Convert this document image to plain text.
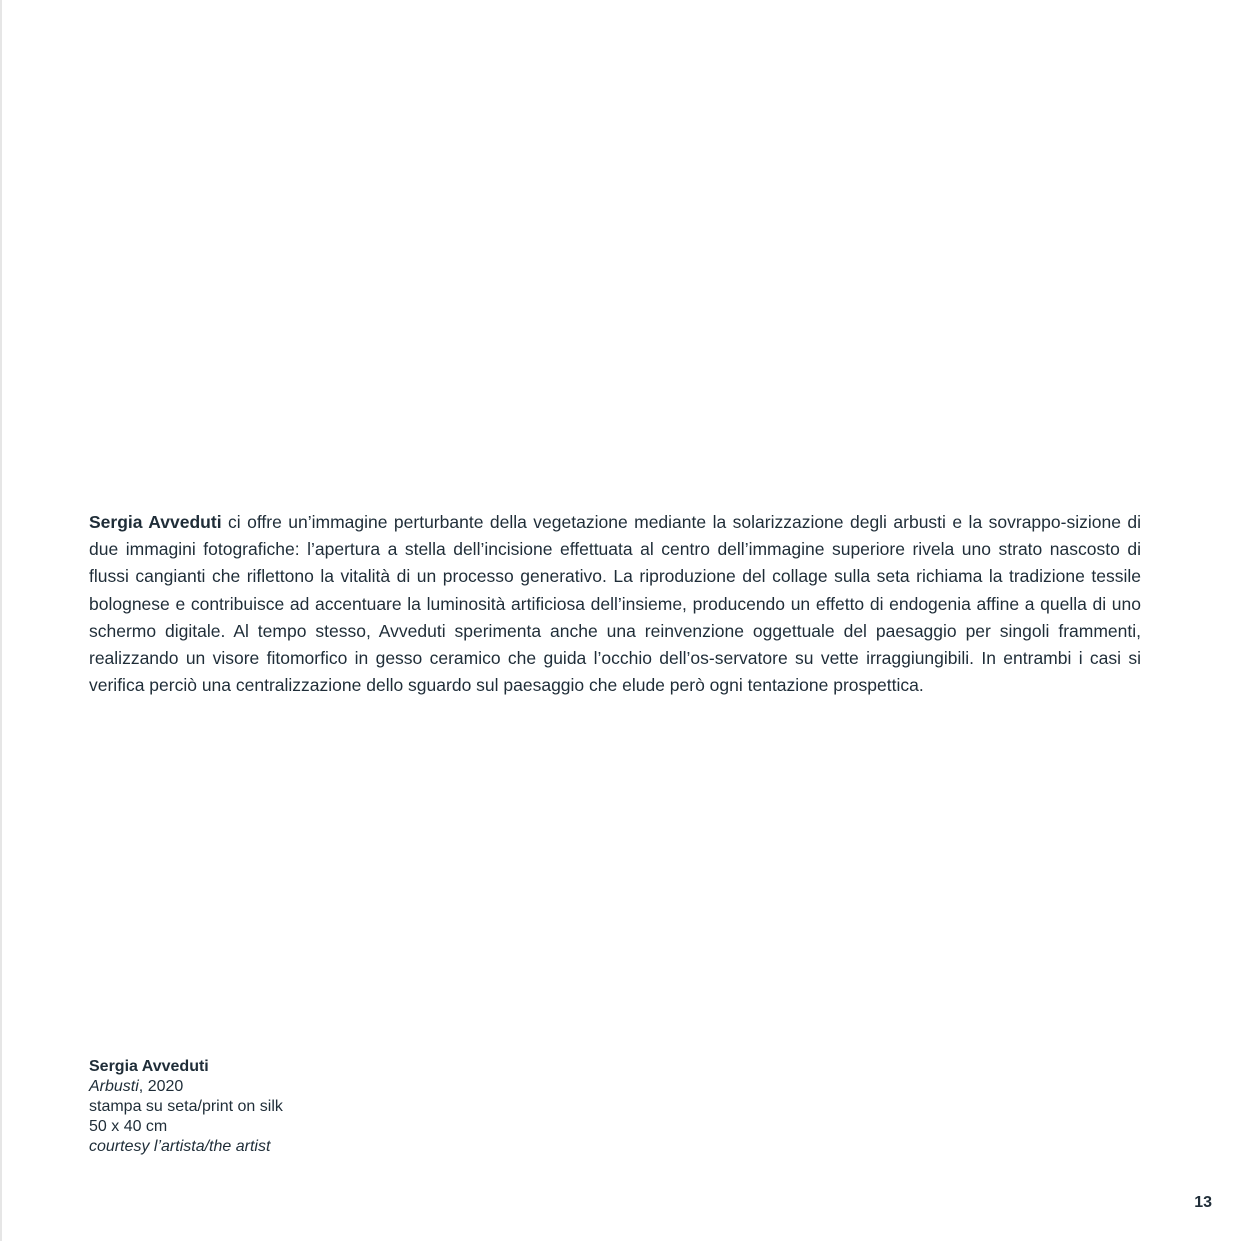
Sergia Avveduti ci offre un’immagine perturbante della vegetazione mediante la solarizzazione degli arbusti e la sovrappo-sizione di due immagini fotografiche: l’apertura a stella dell’incisione effettuata al centro dell’immagine superiore rivela uno strato nascosto di flussi cangianti che riflettono la vitalità di un processo generativo. La riproduzione del collage sulla seta richiama la tradizione tessile bolognese e contribuisce ad accentuare la luminosità artificiosa dell’insieme, producendo un effetto di endogenia affine a quella di uno schermo digitale. Al tempo stesso, Avveduti sperimenta anche una reinvenzione oggettuale del paesaggio per singoli frammenti, realizzando un visore fitomorfico in gesso ceramico che guida l’occhio dell’os-servatore su vette irraggiungibili. In entrambi i casi si verifica perciò una centralizzazione dello sguardo sul paesaggio che elude però ogni tentazione prospettica.

Sergia Avveduti
Arbusti, 2020
stampa su seta/print on silk
50 x 40 cm
courtesy l’artista/the artist
13
